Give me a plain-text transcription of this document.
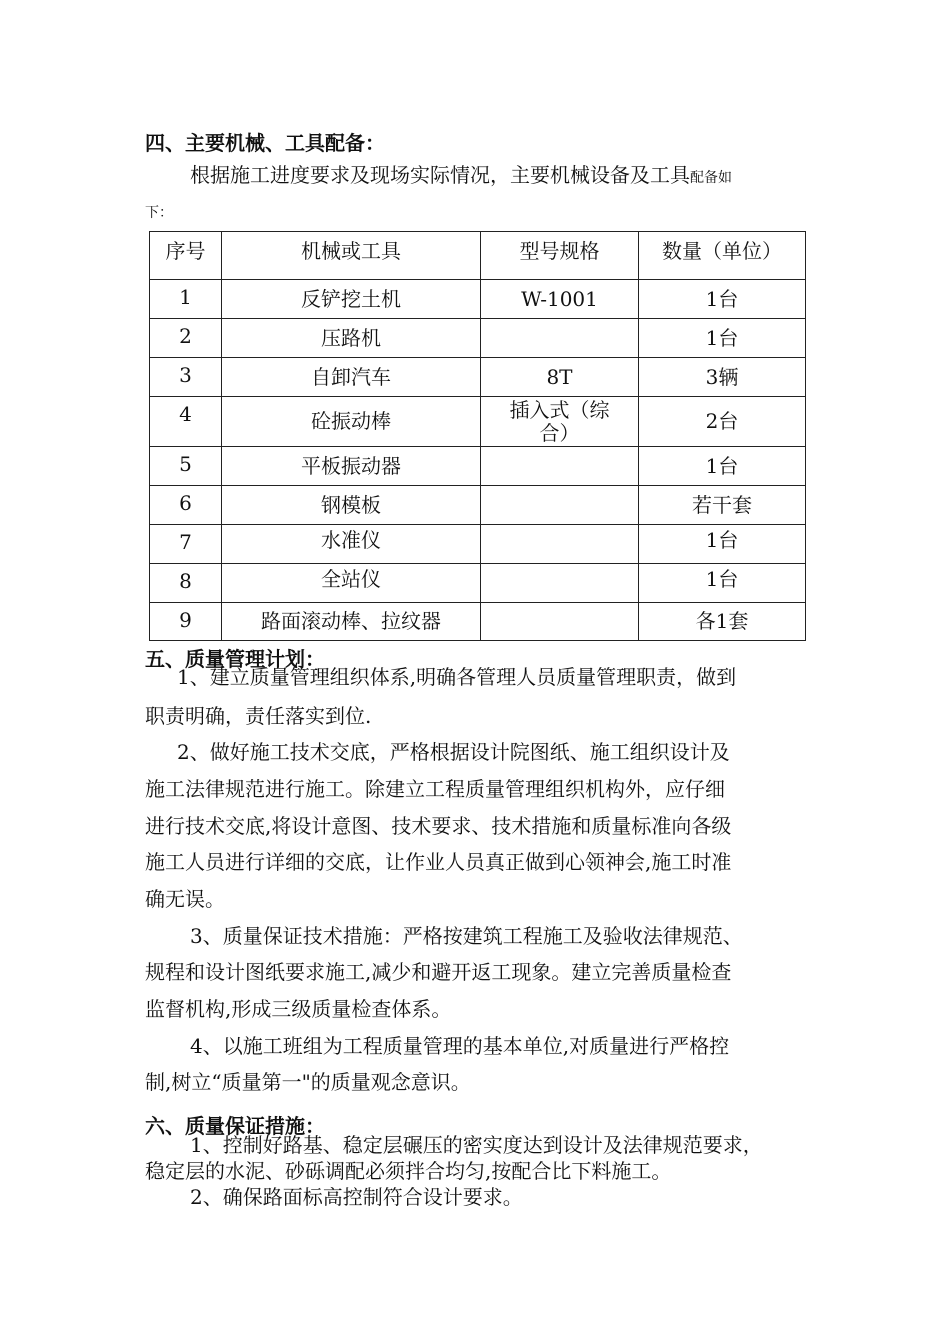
四、主要机械、工具配备：
根据施工进度要求及现场实际情况，主要机械设备及工具配备如
下：
序号	机械或工具	型号规格	数量（单位）
1	反铲挖土机	W-1001	1台
2	压路机		1台
3	自卸汽车	8T	3辆
4	砼振动棒	插入式（综合）	2台
5	平板振动器		1台
6	钢模板		若干套
7	水准仪		1台
8	全站仪		1台
9	路面滚动棒、拉纹器		各1套
五、质量管理计划：
1、建立质量管理组织体系,明确各管理人员质量管理职责，做到
职责明确，责任落实到位.
2、做好施工技术交底，严格根据设计院图纸、施工组织设计及
施工法律规范进行施工。除建立工程质量管理组织机构外，应仔细
进行技术交底,将设计意图、技术要求、技术措施和质量标准向各级
施工人员进行详细的交底，让作业人员真正做到心领神会,施工时准
确无误。
3、质量保证技术措施：严格按建筑工程施工及验收法律规范、
规程和设计图纸要求施工,减少和避开返工现象。建立完善质量检查
监督机构,形成三级质量检查体系。
4、以施工班组为工程质量管理的基本单位,对质量进行严格控
制,树立“质量第一"的质量观念意识。
六、质量保证措施：
1、控制好路基、稳定层碾压的密实度达到设计及法律规范要求，
稳定层的水泥、砂砾调配必须拌合均匀,按配合比下料施工。
2、确保路面标高控制符合设计要求。
